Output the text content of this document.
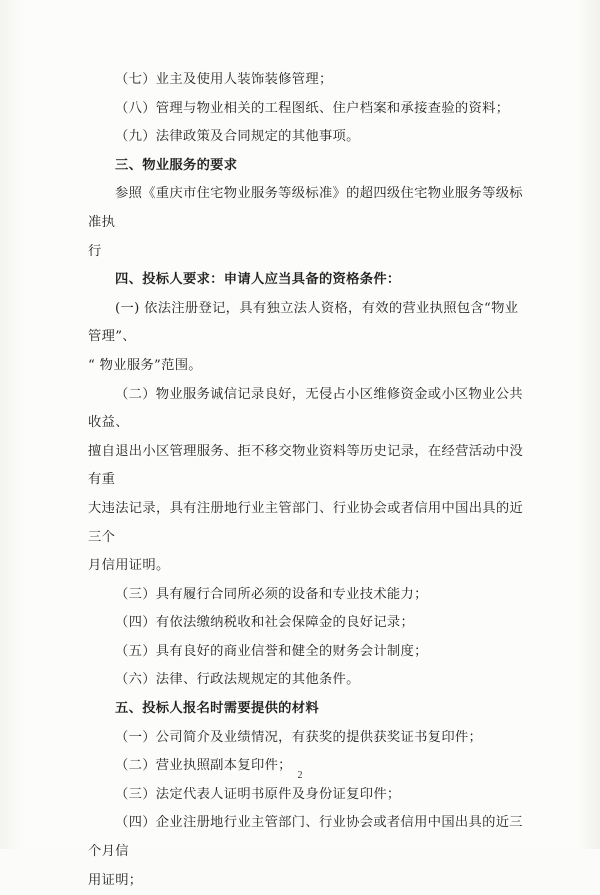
（七）业主及使用人装饰装修管理；

（八）管理与物业相关的工程图纸、住户档案和承接查验的资料；

（九）法律政策及合同规定的其他事项。

三、物业服务的要求

参照《重庆市住宅物业服务等级标准》的超四级住宅物业服务等级标准执

行

四、投标人要求：申请人应当具备的资格条件：

(一) 依法注册登记，具有独立法人资格，有效的营业执照包含“物业管理”、

“ 物业服务”范围。

（二）物业服务诚信记录良好，无侵占小区维修资金或小区物业公共收益、

擅自退出小区管理服务、拒不移交物业资料等历史记录，在经营活动中没有重

大违法记录，具有注册地行业主管部门、行业协会或者信用中国出具的近三个

月信用证明。

（三）具有履行合同所必须的设备和专业技术能力；

（四）有依法缴纳税收和社会保障金的良好记录；

（五）具有良好的商业信誉和健全的财务会计制度；

（六）法律、行政法规规定的其他条件。

五、投标人报名时需要提供的材料

（一）公司简介及业绩情况，有获奖的提供获奖证书复印件；

（二）营业执照副本复印件；

（三）法定代表人证明书原件及身份证复印件；

（四）企业注册地行业主管部门、行业协会或者信用中国出具的近三个月信

用证明；

2
